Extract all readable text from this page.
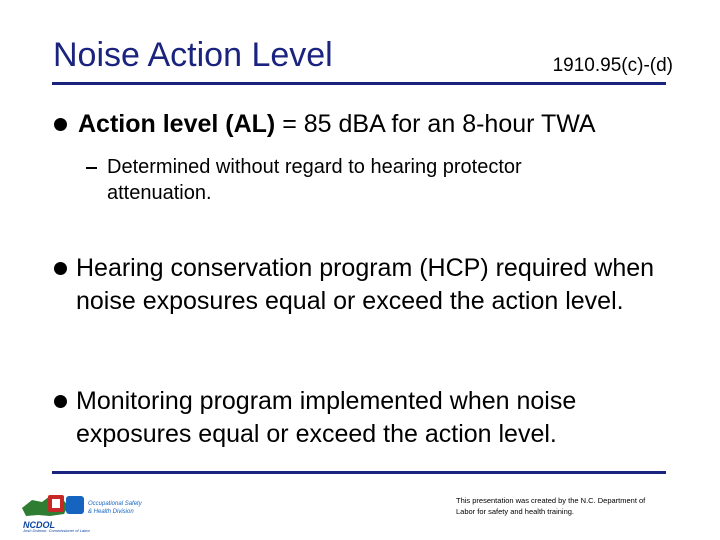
Noise Action Level	1910.95(c)-(d)
Action level (AL) = 85 dBA for an 8-hour TWA
Determined without regard to hearing protector attenuation.
Hearing conservation program (HCP) required when noise exposures equal or exceed the action level.
Monitoring program implemented when noise exposures equal or exceed the action level.
NCDOL
Occupational Safety
& Health Division
Josh Dobson, Commissioner of Labor
This presentation was created by the N.C. Department of Labor for safety and health training.
